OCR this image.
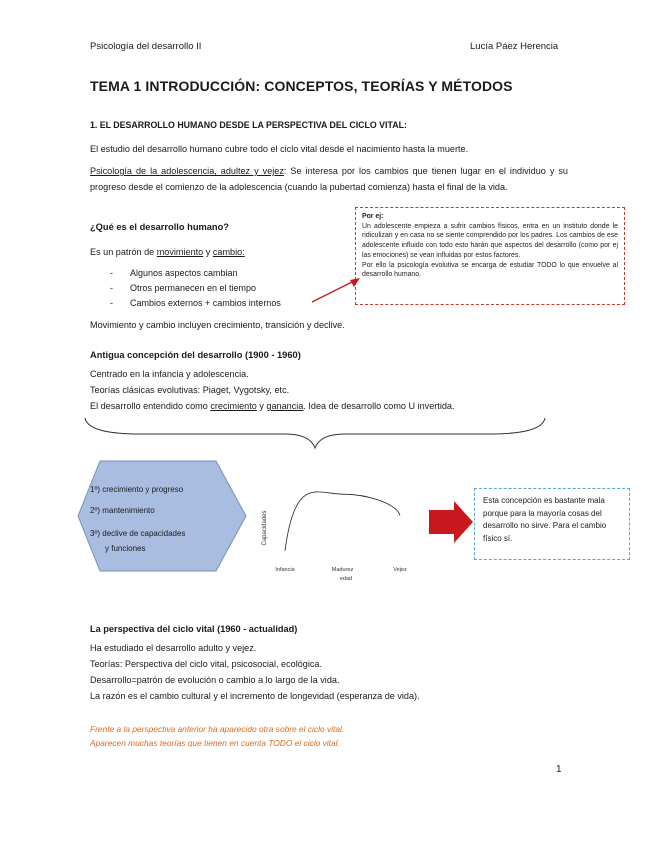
Psicología del desarrollo II	Lucía Páez Herencia
TEMA 1 INTRODUCCIÓN: CONCEPTOS, TEORÍAS Y MÉTODOS
1. EL DESARROLLO HUMANO DESDE LA PERSPECTIVA DEL CICLO VITAL:
El estudio del desarrollo humano cubre todo el ciclo vital desde el nacimiento hasta la muerte.
Psicología de la adolescencia, adultez y vejez: Se interesa por los cambios que tienen lugar en el individuo y su progreso desde el comienzo de la adolescencia (cuando la pubertad comienza) hasta el final de la vida.
Por ej:
Un adolescente empieza a sufrir cambios físicos, entra en un instituto donde le ridiculizan y en casa no se siente comprendido por los padres. Los cambios de ese adolescente influido con todo esto harán que aspectos del desarrollo (como por ej las emociones) se vean influidas por estos factores.
Por ello la psicología evolutiva se encarga de estudiar TODO lo que envuelve al desarrollo humano.
¿Qué es el desarrollo humano?
Es un patrón de movimiento y cambio:
- Algunos aspectos cambian
- Otros permanecen en el tiempo
- Cambios externos + cambios internos
Movimiento y cambio incluyen crecimiento, transición y declive.
Antigua concepción del desarrollo (1900 - 1960)
Centrado en la infancia y adolescencia.
Teorías clásicas evolutivas: Piaget, Vygotsky, etc.
El desarrollo entendido como crecimiento y ganancia. Idea de desarrollo como U invertida.
1º) crecimiento y progreso
2º) mantenimiento
3º) declive de capacidades
y funciones
Capacidades
Infancia	Madurez	Vejez
edad
Esta concepción es bastante mala porque para la mayoría cosas del desarrollo no sirve. Para el cambio físico sí.
La perspectiva del ciclo vital (1960 - actualidad)
Ha estudiado el desarrollo adulto y vejez.
Teorías: Perspectiva del ciclo vital, psicosocial, ecológica.
Desarrollo=patrón de evolución o cambio a lo largo de la vida.
La razón es el cambio cultural y el incremento de longevidad (esperanza de vida).
Frente a la perspectiva anterior ha aparecido otra sobre el ciclo vital.
Aparecen muchas teorías que tienen en cuenta TODO el ciclo vital.
1
